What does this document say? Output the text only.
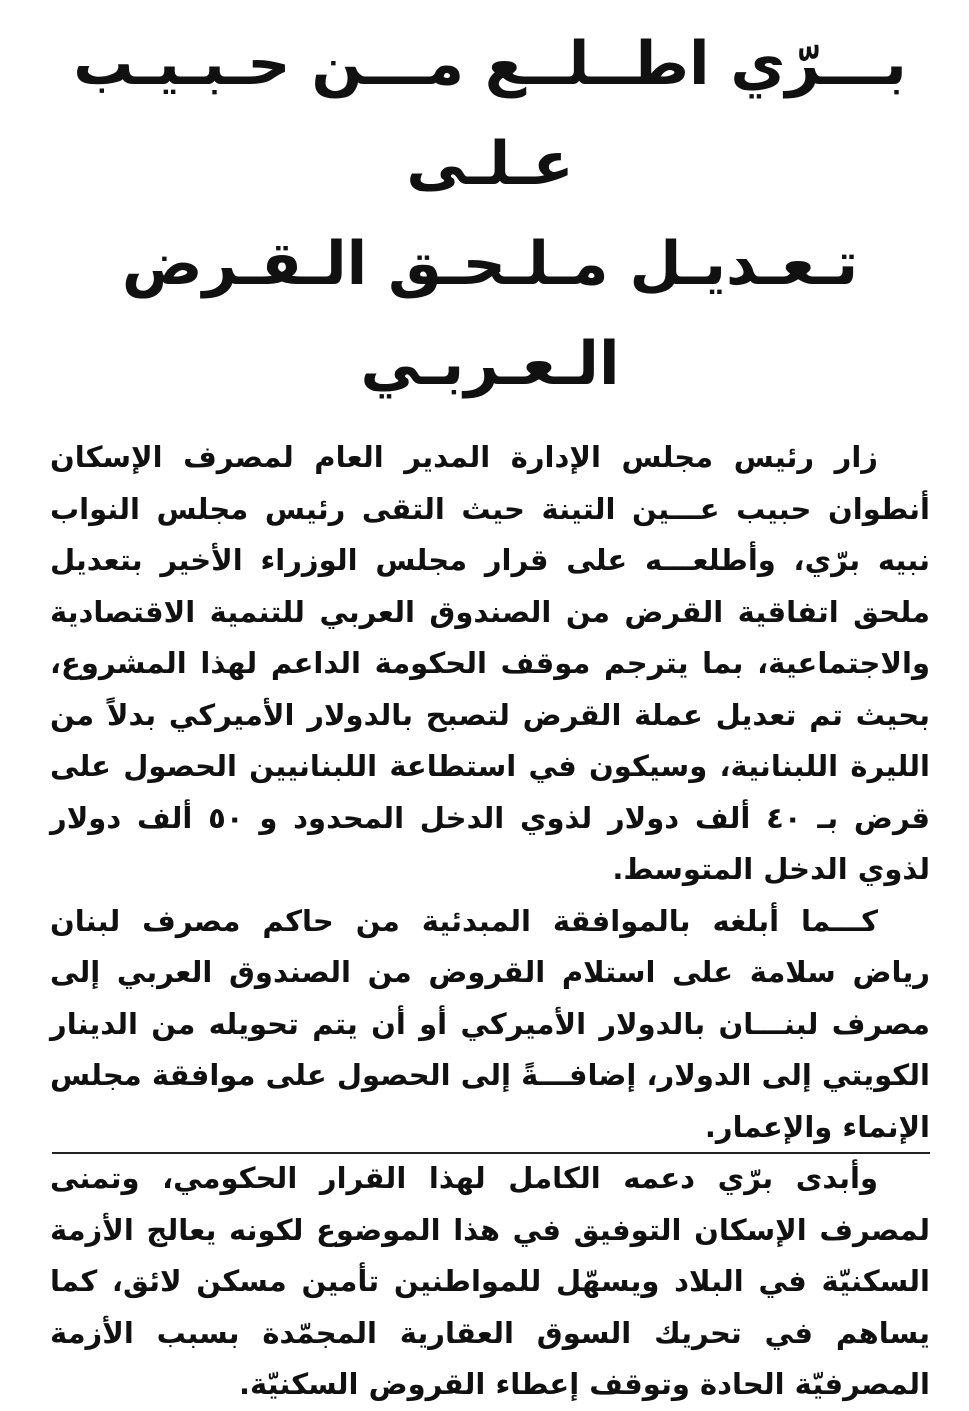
بـــرّي اطــلــع مـــن حـبـيـب عـلـى
تـعـديـل مـلـحـق الـقـرض الـعـربـي

زار رئيس مجلس الإدارة المدير العام لمصرف الإسكان أنطوان حبيب عـــين التينة حيث التقى رئيس مجلس النواب نبيه برّي، وأطلعـــه على قرار مجلس الوزراء الأخير بتعديل ملحق اتفاقية القرض من الصندوق العربي للتنمية الاقتصادية والاجتماعية، بما يترجم موقف الحكومة الداعم لهذا المشروع، بحيث تم تعديل عملة القرض لتصبح بالدولار الأميركي بدلاً من الليرة اللبنانية، وسيكون في استطاعة اللبنانيين الحصول على قرض بـ ٤٠ ألف دولار لذوي الدخل المحدود و ٥٠ ألف دولار لذوي الدخل المتوسط.

كـــما أبلغه بالموافقة المبدئية من حاكم مصرف لبنان رياض سلامة على استلام القروض من الصندوق العربي إلى مصرف لبنـــان بالدولار الأميركي أو أن يتم تحويله من الدينار الكويتي إلى الدولار، إضافـــةً إلى الحصول على موافقة مجلس الإنماء والإعمار.

وأبدى برّي دعمه الكامل لهذا القرار الحكومي، وتمنى لمصرف الإسكان التوفيق في هذا الموضوع لكونه يعالج الأزمة السكنيّة في البلاد ويسهّل للمواطنين تأمين مسكن لائق، كما يساهم في تحريك السوق العقارية المجمّدة بسبب الأزمة المصرفيّة الحادة وتوقف إعطاء القروض السكنيّة.
